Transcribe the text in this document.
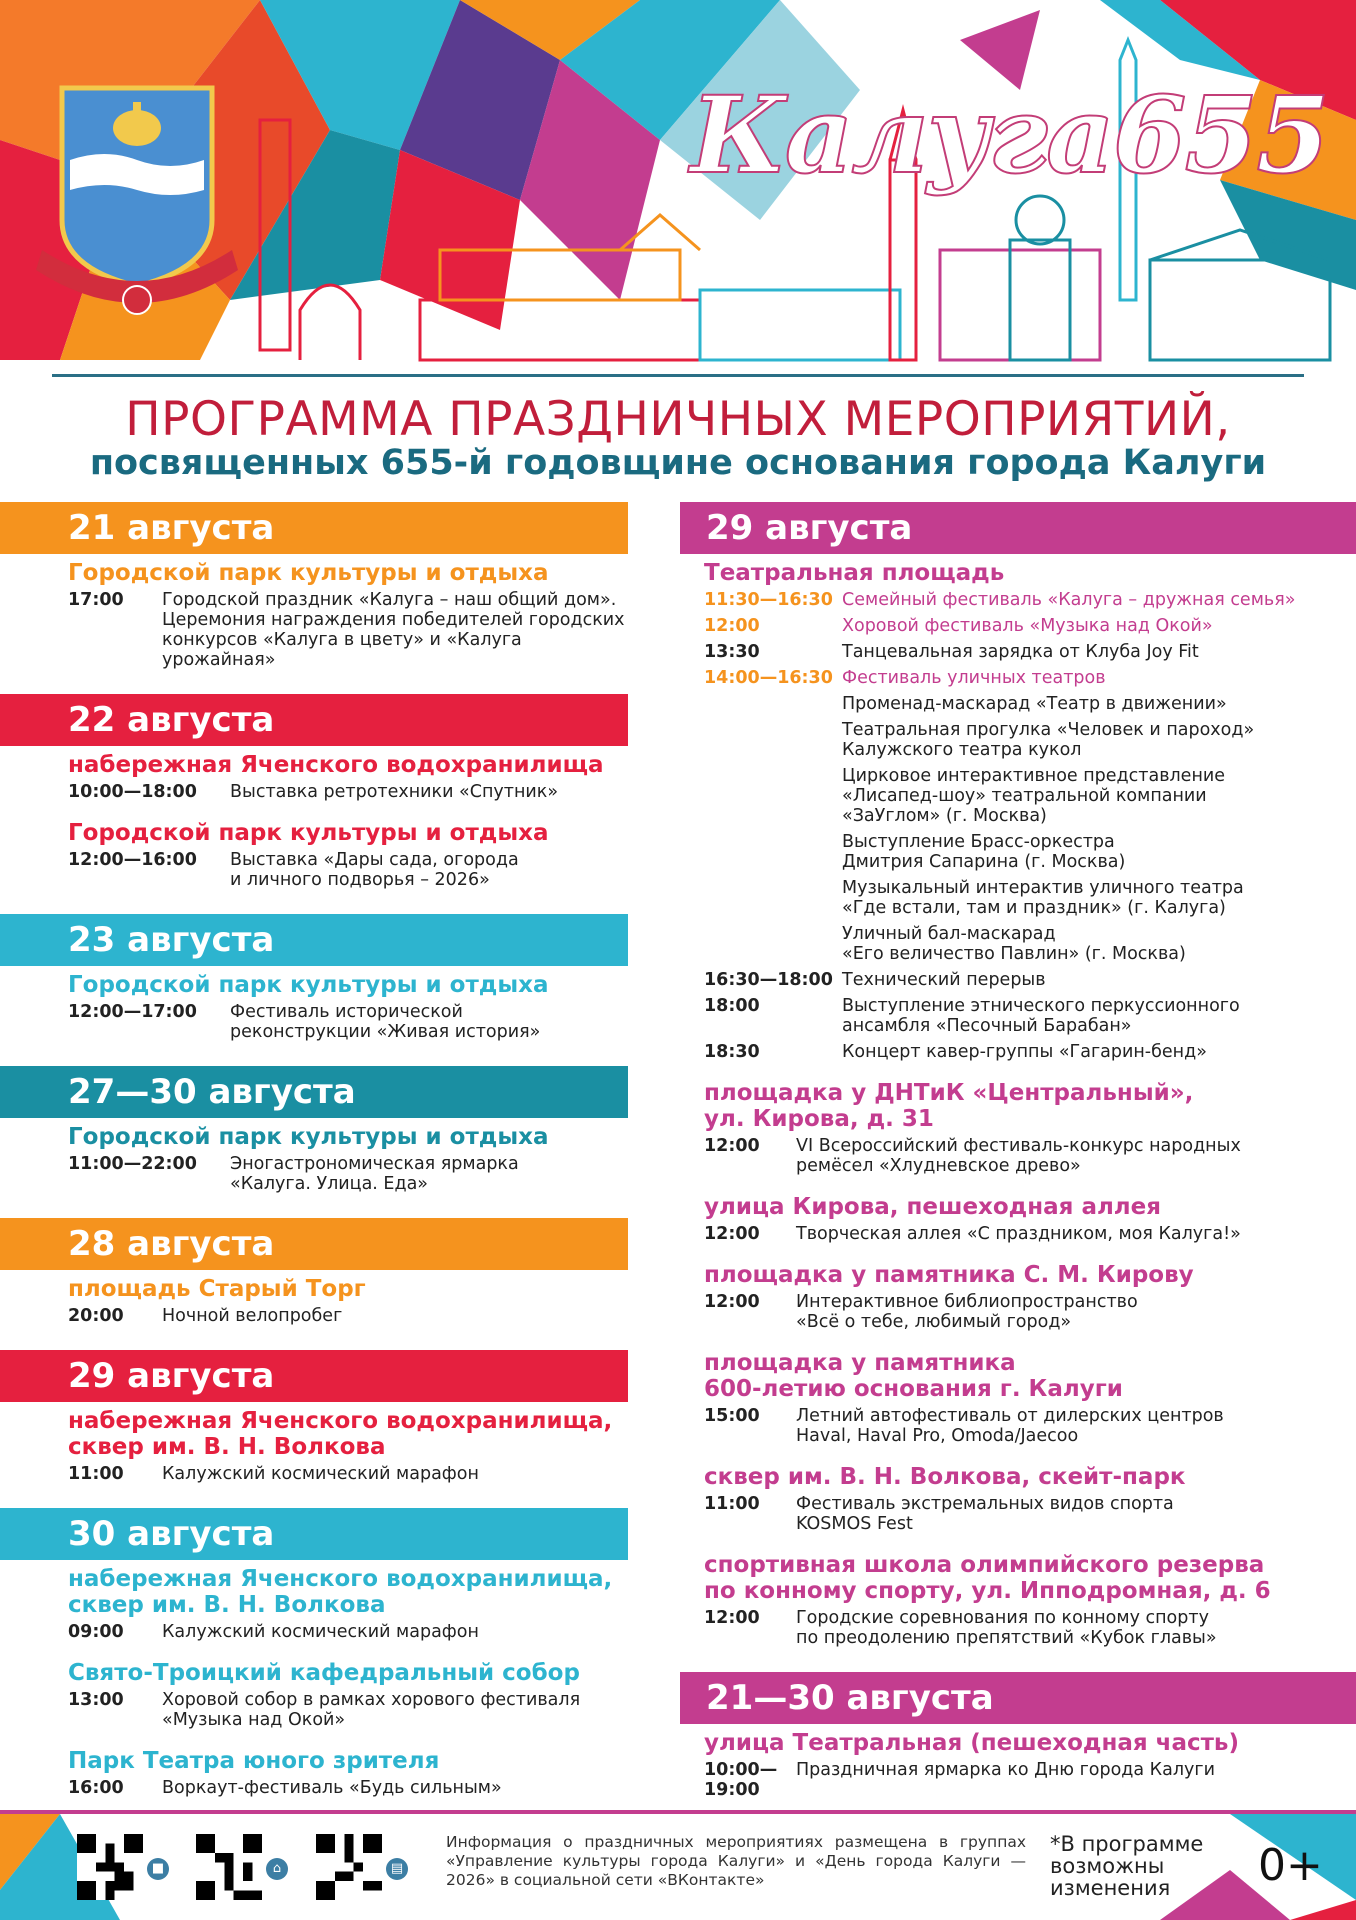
Калуга655
ПРОГРАММА ПРАЗДНИЧНЫХ МЕРОПРИЯТИЙ,
посвященных 655-й годовщине основания города Калуги
21 августа
Городской парк культуры и отдыха
17:00	Городской праздник «Калуга – наш общий дом».
Церемония награждения победителей городских
конкурсов «Калуга в цвету» и «Калуга урожайная»
22 августа
набережная Яченского водохранилища
10:00—18:00	Выставка ретротехники «Спутник»
Городской парк культуры и отдыха
12:00—16:00	Выставка «Дары сада, огорода
и личного подворья – 2026»
23 августа
Городской парк культуры и отдыха
12:00—17:00	Фестиваль исторической
реконструкции «Живая история»
27—30 августа
Городской парк культуры и отдыха
11:00—22:00	Эногастрономическая ярмарка
«Калуга. Улица. Еда»
28 августа
площадь Старый Торг
20:00	Ночной велопробег
29 августа
набережная Яченского водохранилища,
сквер им. В. Н. Волкова
11:00	Калужский космический марафон
30 августа
набережная Яченского водохранилища,
сквер им. В. Н. Волкова
09:00	Калужский космический марафон
Свято-Троицкий кафедральный собор
13:00	Хоровой собор в рамках хорового фестиваля
«Музыка над Окой»
Парк Театра юного зрителя
16:00	Воркаут-фестиваль «Будь сильным»
29 августа
Театральная площадь
11:30—16:30 Семейный фестиваль «Калуга – дружная семья»
12:00	Хоровой фестиваль «Музыка над Окой»
13:30	Танцевальная зарядка от Клуба Joy Fit
14:00—16:30 Фестиваль уличных театров
Променад-маскарад «Театр в движении»
Театральная прогулка «Человек и пароход»
Калужского театра кукол
Цирковое интерактивное представление
«Лисапед-шоу» театральной компании
«ЗаУглом» (г. Москва)
Выступление Брасс-оркестра
Дмитрия Сапарина (г. Москва)
Музыкальный интерактив уличного театра
«Где встали, там и праздник» (г. Калуга)
Уличный бал-маскарад
«Его величество Павлин» (г. Москва)
16:30—18:00 Технический перерыв
18:00	Выступление этнического перкуссионного
ансамбля «Песочный Барабан»
18:30	Концерт кавер-группы «Гагарин-бенд»
площадка у ДНТиК «Центральный»,
ул. Кирова, д. 31
12:00	VI Всероссийский фестиваль-конкурс народных
ремёсел «Хлудневское древо»
улица Кирова, пешеходная аллея
12:00	Творческая аллея «С праздником, моя Калуга!»
площадка у памятника С. М. Кирову
12:00	Интерактивное библиопространство
«Всё о тебе, любимый город»
площадка у памятника
600-летию основания г. Калуги
15:00	Летний автофестиваль от дилерских центров
Haval, Haval Pro, Omoda/Jaecoo
сквер им. В. Н. Волкова, скейт-парк
11:00	Фестиваль экстремальных видов спорта
KOSMOS Fest
спортивная школа олимпийского резерва
по конному спорту, ул. Ипподромная, д. 6
12:00	Городские соревнования по конному спорту
по преодолению препятствий «Кубок главы»
21—30 августа
улица Театральная (пешеходная часть)
10:00—19:00
Праздничная ярмарка ко Дню города Калуги
■	⌂	▤
Информация о праздничных мероприятиях размещена в группах «Управление культуры города Калуги» и «День города Калуги — 2026» в социальной сети «ВКонтакте»
*В программе возможны изменения	0+
